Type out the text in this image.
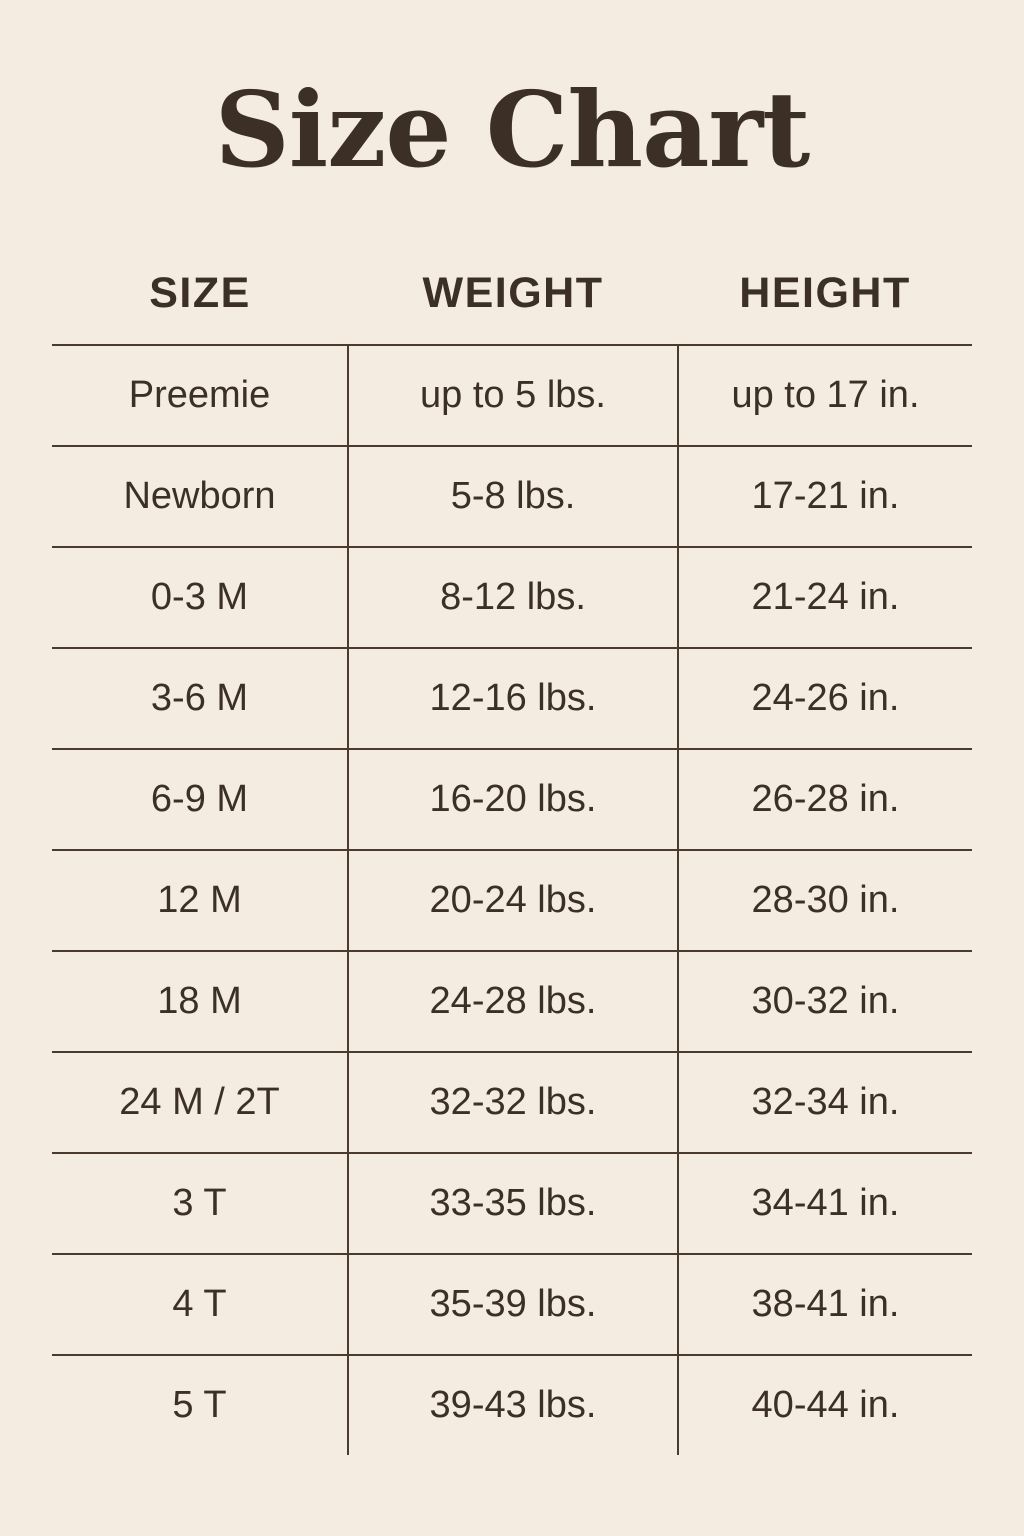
Size Chart
SIZE	WEIGHT	HEIGHT
Preemie	up to 5 lbs.	up to 17 in.
Newborn	5-8 lbs.	17-21 in.
0-3 M	8-12 lbs.	21-24 in.
3-6 M	12-16 lbs.	24-26 in.
6-9 M	16-20 lbs.	26-28 in.
12 M	20-24 lbs.	28-30 in.
18 M	24-28 lbs.	30-32 in.
24 M / 2T	32-32 lbs.	32-34 in.
3 T	33-35 lbs.	34-41 in.
4 T	35-39 lbs.	38-41 in.
5 T	39-43 lbs.	40-44 in.
